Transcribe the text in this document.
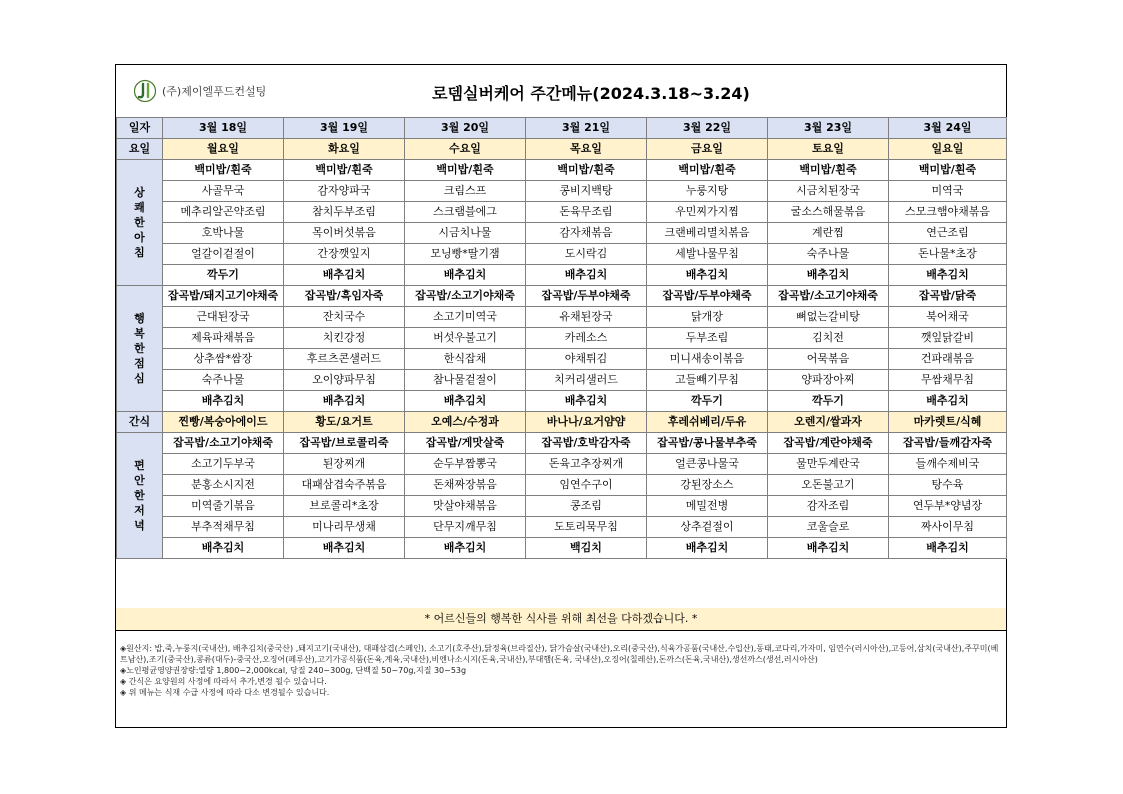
(주)제이엘푸드컨설팅	로뎀실버케어 주간메뉴(2024.3.18~3.24)
일자	3월 18일	3월 19일	3월 20일	3월 21일	3월 22일	3월 23일	3월 24일
요일	월요일	화요일	수요일	목요일	금요일	토요일	일요일
상
쾌
한
아
침	백미밥/흰죽	백미밥/흰죽	백미밥/흰죽	백미밥/흰죽	백미밥/흰죽	백미밥/흰죽	백미밥/흰죽
	사골무국	감자양파국	크림스프	콩비지백탕	누룽지탕	시금치된장국	미역국
	메추리알곤약조림	참치두부조림	스크램블에그	돈육무조림	우민찌가지찜	굴소스해물볶음	스모크햄야채볶음
	호박나물	목이버섯볶음	시금치나물	감자채볶음	크랜베리멸치볶음	계란찜	연근조림
	얼갈이겉절이	간장깻잎지	모닝빵*딸기잼	도시락김	세발나물무침	숙주나물	돈나물*초장
	깍두기	배추김치	배추김치	배추김치	배추김치	배추김치	배추김치
행
복
한
점
심	잡곡밥/돼지고기야채죽	잡곡밥/흑임자죽	잡곡밥/소고기야채죽	잡곡밥/두부야채죽	잡곡밥/두부야채죽	잡곡밥/소고기야채죽	잡곡밥/닭죽
	근대된장국	잔치국수	소고기미역국	유채된장국	닭개장	뼈없는갈비탕	북어채국
	제육파채볶음	치킨강정	버섯우불고기	카레소스	두부조림	김치전	깻잎닭갈비
	상추쌈*쌈장	후르츠콘샐러드	한식잡채	야채튀김	미니새송이볶음	어묵볶음	건파래볶음
	숙주나물	오이양파무침	참나물겉절이	치커리샐러드	고들빼기무침	양파장아찌	무쌈채무침
	배추김치	배추김치	배추김치	배추김치	깍두기	깍두기	배추김치
간식	찐빵/복숭아에이드	황도/요거트	오예스/수정과	바나나/요거얌얌	후레쉬베리/두유	오렌지/쌀과자	마카렛트/식혜
편
안
한
저
녁	잡곡밥/소고기야채죽	잡곡밥/브로콜리죽	잡곡밥/게맛살죽	잡곡밥/호박감자죽	잡곡밥/콩나물부추죽	잡곡밥/계란야채죽	잡곡밥/들깨감자죽
	소고기두부국	된장찌개	순두부짬뽕국	돈육고추장찌개	얼큰콩나물국	물만두계란국	들깨수제비국
	분홍소시지전	대패삼겹숙주볶음	돈채짜장볶음	임연수구이	강된장소스	오돈불고기	탕수육
	미역줄기볶음	브로콜리*초장	맛살야채볶음	콩조림	메밀전병	감자조림	연두부*양념장
	부추적채무침	미나리무생채	단무지깨무침	도토리묵무침	상추겉절이	코울슬로	짜사이무침
	배추김치	배추김치	배추김치	백김치	배추김치	배추김치	배추김치
* 어르신들의 행복한 식사를 위해 최선을 다하겠습니다. *

◈원산지: 밥,죽,누룽지(국내산), 배추김치(중국산) ,돼지고기(국내산), 대패삼겹(스페인), 소고기(호주산),닭정육(브라질산), 닭가슴살(국내산),오리(중국산),식육가공품(국내산,수입산),동태,코다리,가자미, 임연수(러시아산),고등어,삼치(국내산),주꾸미(베트남산),조기(중국산),콩류(대두)-중국산,오징어(페루산),고기가공식품(돈육,계육,국내산),비엔나소시지(돈육,국내산),부대햄(돈육, 국내산),오징어(칠레산),돈까스(돈육,국내산),생선까스(생선,러시아산)

◈노인평균영양권장량:열량 1,800~2,000kcal, 당질 240~300g, 단백질 50~70g,지질 30~53g

◈ 간식은 요양원의 사정에 따라서 추가,변경 될수 있습니다.

◈ 위 메뉴는 식재 수급 사정에 따라 다소 변경될수 있습니다.
